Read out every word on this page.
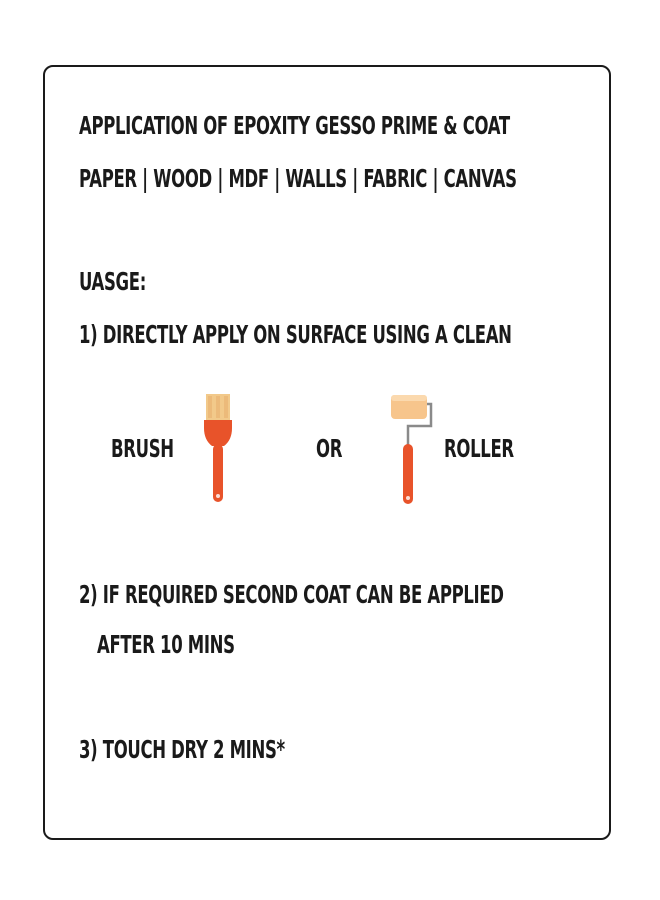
APPLICATION OF EPOXITY GESSO PRIME & COAT

PAPER | WOOD | MDF | WALLS | FABRIC | CANVAS

UASGE:

1) DIRECTLY APPLY ON SURFACE USING A CLEAN

BRUSH	OR	ROLLER

2) IF REQUIRED SECOND COAT CAN BE APPLIED

AFTER 10 MINS

3) TOUCH DRY 2 MINS*
